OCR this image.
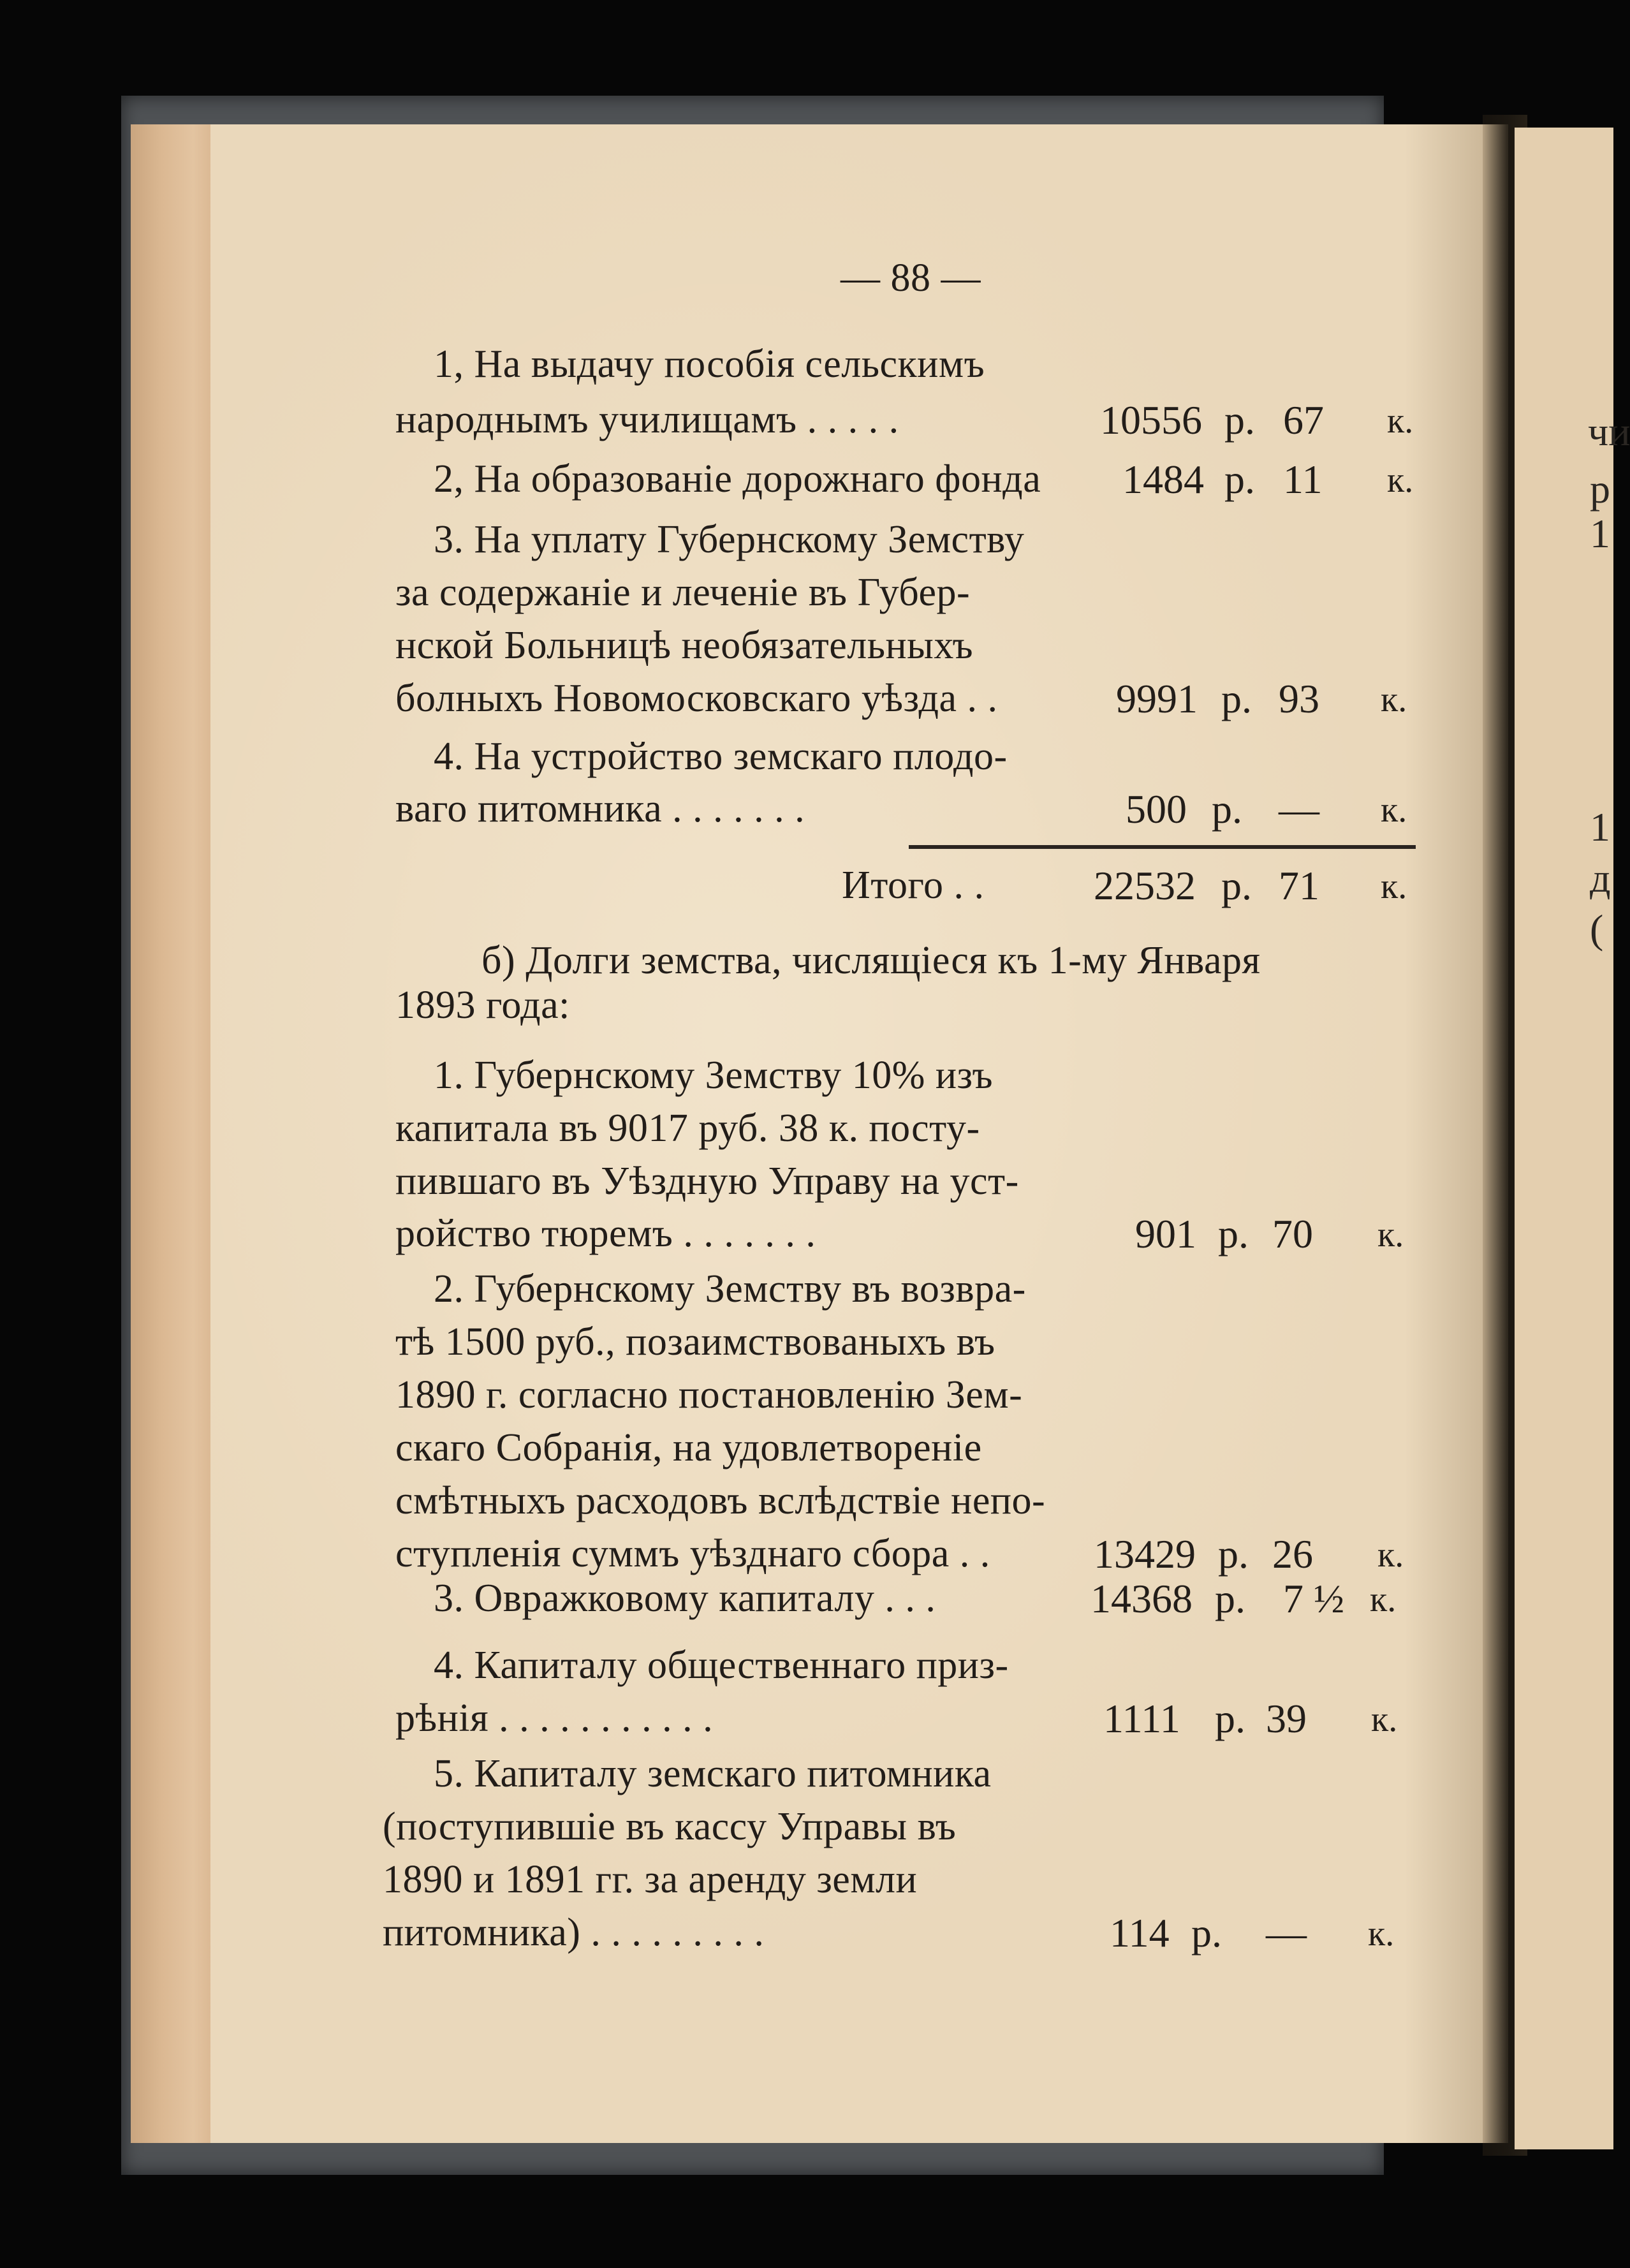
чи
р
1
1
д
(
— 88 —
1, На выдачу пособія сельскимъ
народнымъ училищамъ . . . . .	10556 р. 67 к.
2, На образованіе дорожнаго фонда 1484 р. 11 к.
3. На уплату Губернскому Земству
за содержаніе и леченіе въ Губер-
нской Больницѣ необязательныхъ
болныхъ Новомосковскаго уѣзда . .	9991 р. 93 к.
4. На устройство земскаго плодо-
ваго питомника . . . . . . .	500 р. — к.
Итого . .	22532 р. 71 к.
б) Долги земства, числящіеся къ 1-му Января
1893 года:
1. Губернскому Земству 10% изъ
капитала въ 9017 руб. 38 к. посту-
пившаго въ Уѣздную Управу на уст-
ройство тюремъ . . . . . . .	901 р. 70 к.
2. Губернскому Земству въ возвра-
тѣ 1500 руб., позаимствованыхъ въ
1890 г. согласно постановленію Зем-
скаго Собранія, на удовлетвореніе
смѣтныхъ расходовъ вслѣдствіе непо-
ступленія суммъ уѣзднаго сбора . .	13429 р. 26 к.
3. Овражковому капиталу . . .	14368 р. 7 ½ к.
4. Капиталу общественнаго приз-
рѣнія . . . . . . . . . . .	1111 р. 39 к.
5. Капиталу земскаго питомника
(поступившіе въ кассу Управы въ
1890 и 1891 гг. за аренду земли
питомника) . . . . . . . . .	114 р. — к.
